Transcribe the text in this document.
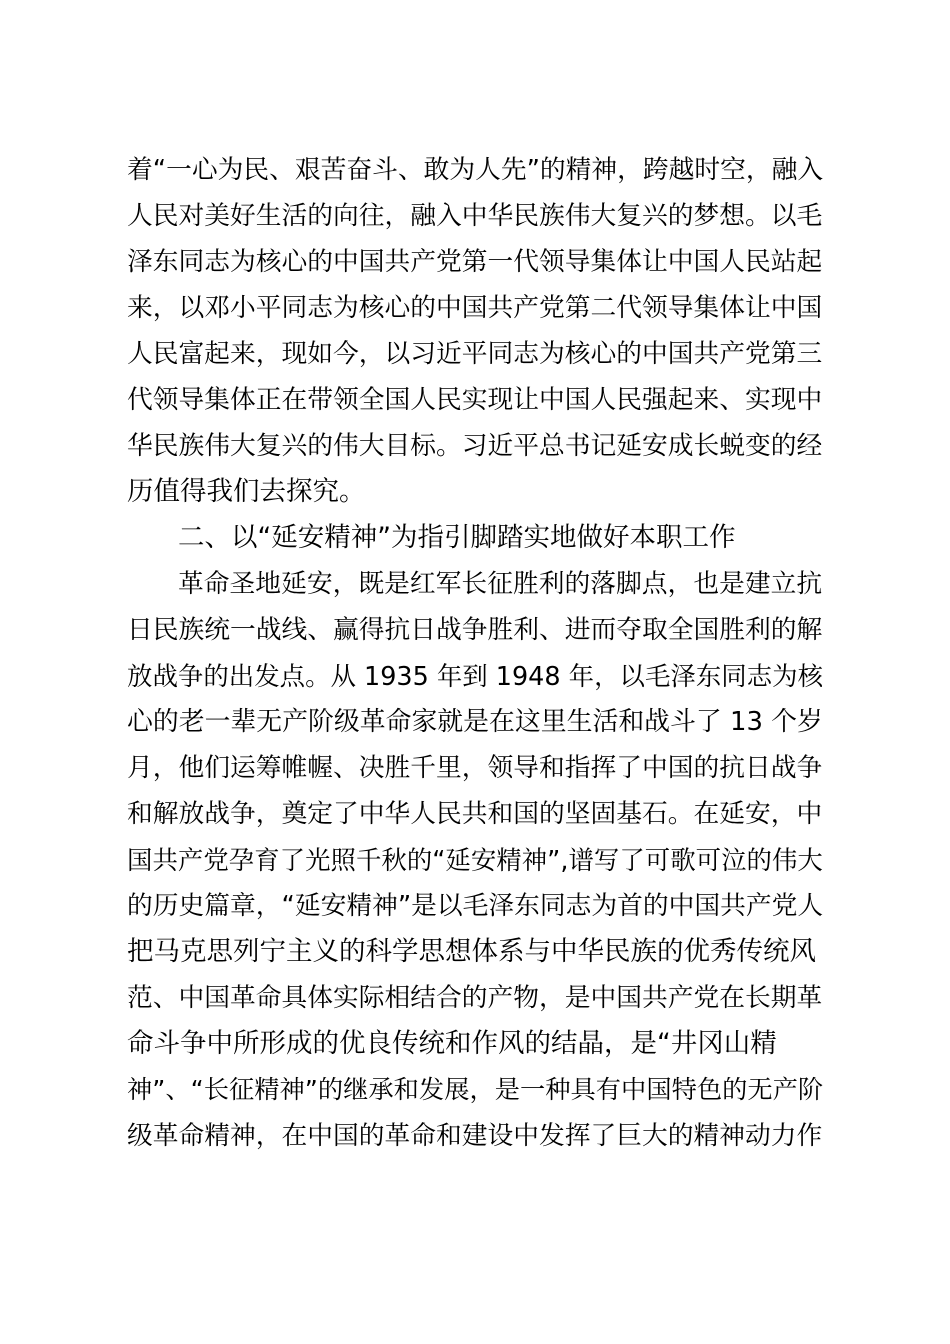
着“一心为民、艰苦奋斗、敢为人先”的精神，跨越时空，融入
人民对美好生活的向往，融入中华民族伟大复兴的梦想。以毛
泽东同志为核心的中国共产党第一代领导集体让中国人民站起
来，以邓小平同志为核心的中国共产党第二代领导集体让中国
人民富起来，现如今，以习近平同志为核心的中国共产党第三
代领导集体正在带领全国人民实现让中国人民强起来、实现中
华民族伟大复兴的伟大目标。习近平总书记延安成长蜕变的经
历值得我们去探究。
二、以“延安精神”为指引脚踏实地做好本职工作
革命圣地延安，既是红军长征胜利的落脚点，也是建立抗
日民族统一战线、赢得抗日战争胜利、进而夺取全国胜利的解
放战争的出发点。从 1935 年到 1948 年，以毛泽东同志为核
心的老一辈无产阶级革命家就是在这里生活和战斗了 13 个岁
月，他们运筹帷幄、决胜千里，领导和指挥了中国的抗日战争
和解放战争，奠定了中华人民共和国的坚固基石。在延安，中
国共产党孕育了光照千秋的“延安精神”,谱写了可歌可泣的伟大
的历史篇章，“延安精神”是以毛泽东同志为首的中国共产党人
把马克思列宁主义的科学思想体系与中华民族的优秀传统风
范、中国革命具体实际相结合的产物，是中国共产党在长期革
命斗争中所形成的优良传统和作风的结晶，是“井冈山精
神”、“长征精神”的继承和发展，是一种具有中国特色的无产阶
级革命精神，在中国的革命和建设中发挥了巨大的精神动力作
